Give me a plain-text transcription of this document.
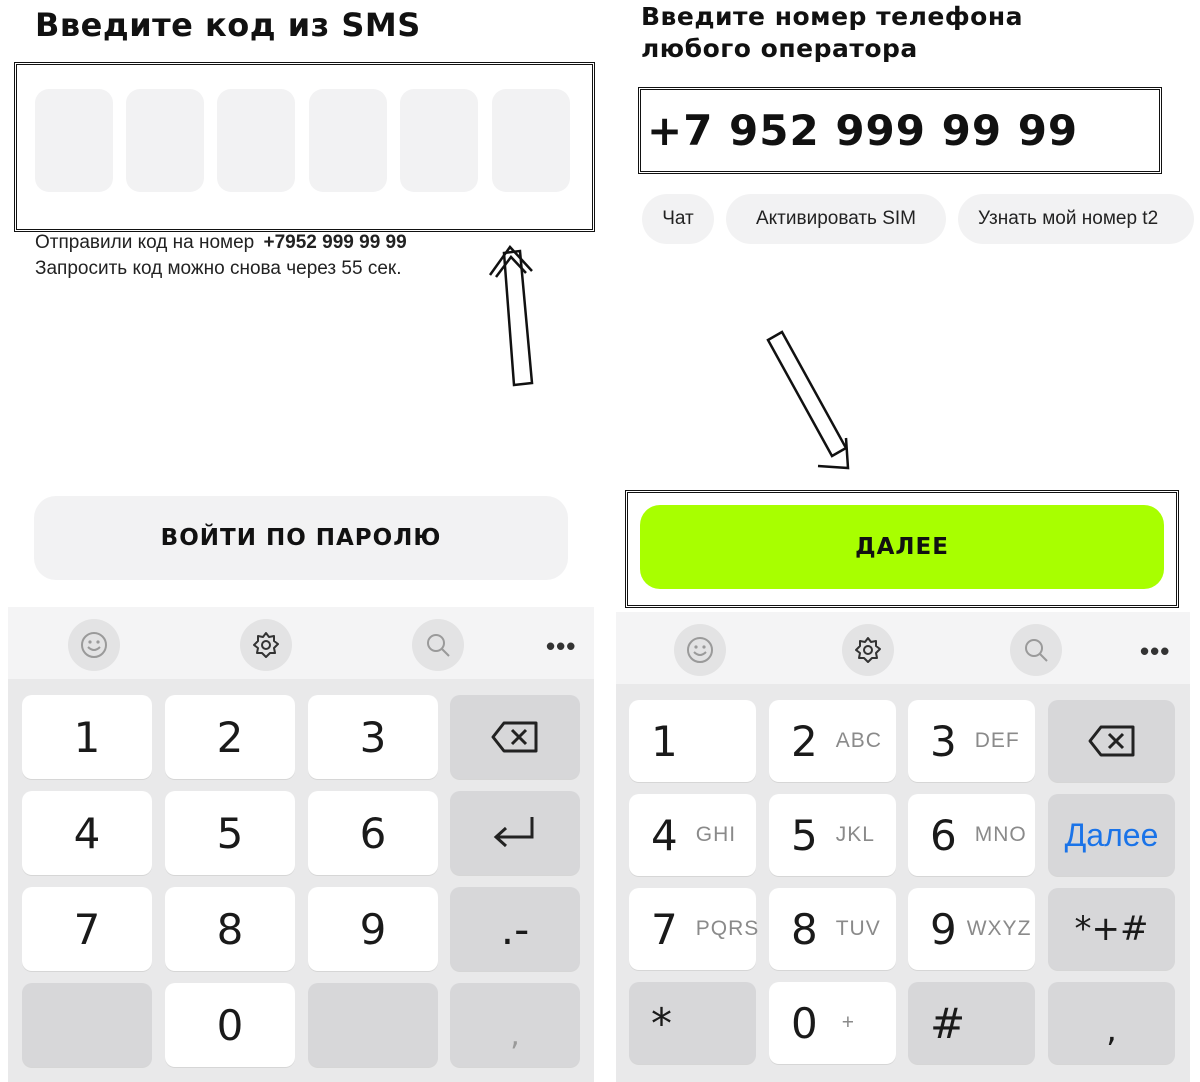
Введите код из SMS
Отправили код на номер +7952 999 99 99
Запросить код можно снова через 55 сек.
ВОЙТИ ПО ПАРОЛЮ
•••
1	2	3
4	5	6
7	8	9	.-
0	,
Введите номер телефона
любого оператора
+7 952 999 99 99
Чат	Активировать SIM	Узнать мой номер t2
ДАЛЕЕ
•••
1	2 ABC 3 DEF
4 GHI 5 JKL 6 MNO	Далее
7 PQRS 8 TUV 9 WXYZ	*+#
*	0 + #	,
